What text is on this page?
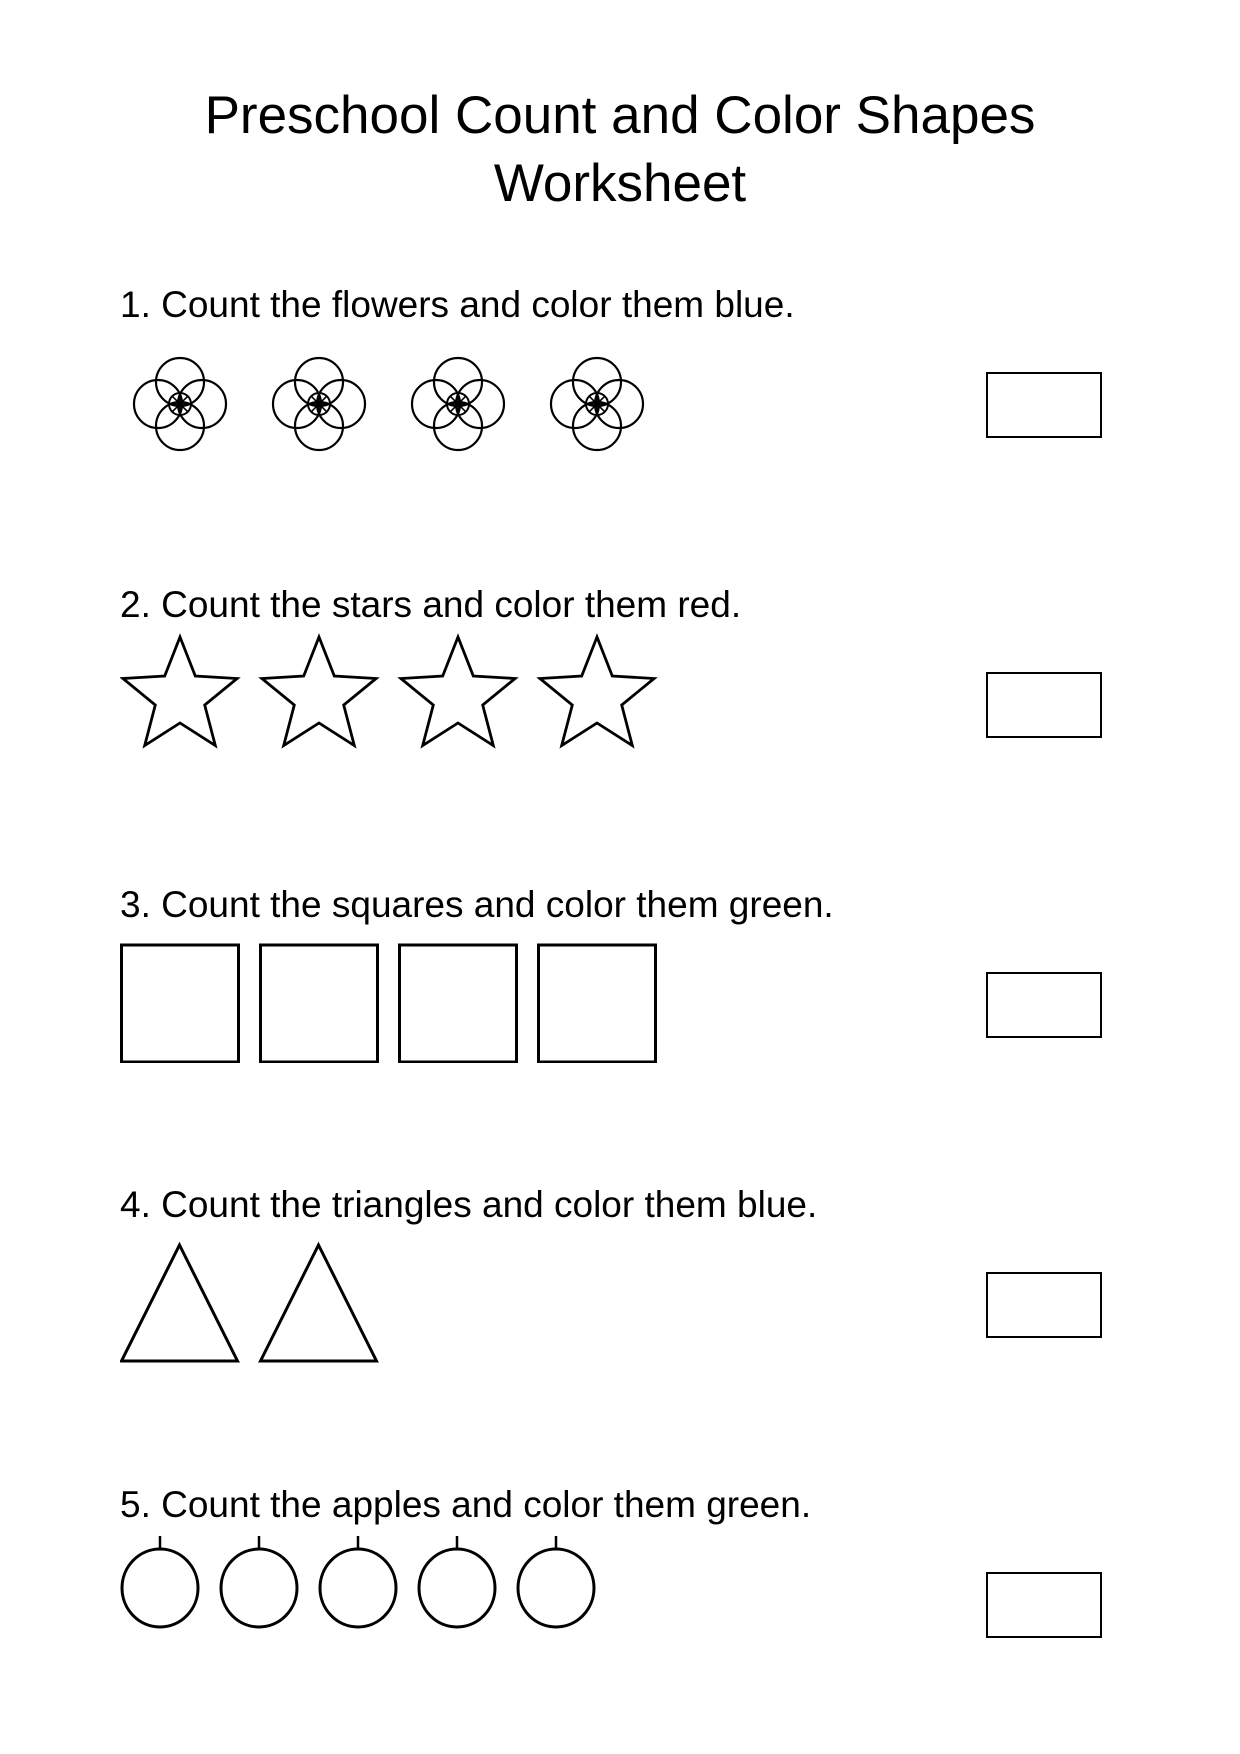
Preschool Count and Color Shapes
Worksheet
1. Count the flowers and color them blue.
2. Count the stars and color them red.
3. Count the squares and color them green.
4. Count the triangles and color them blue.
5. Count the apples and color them green.
